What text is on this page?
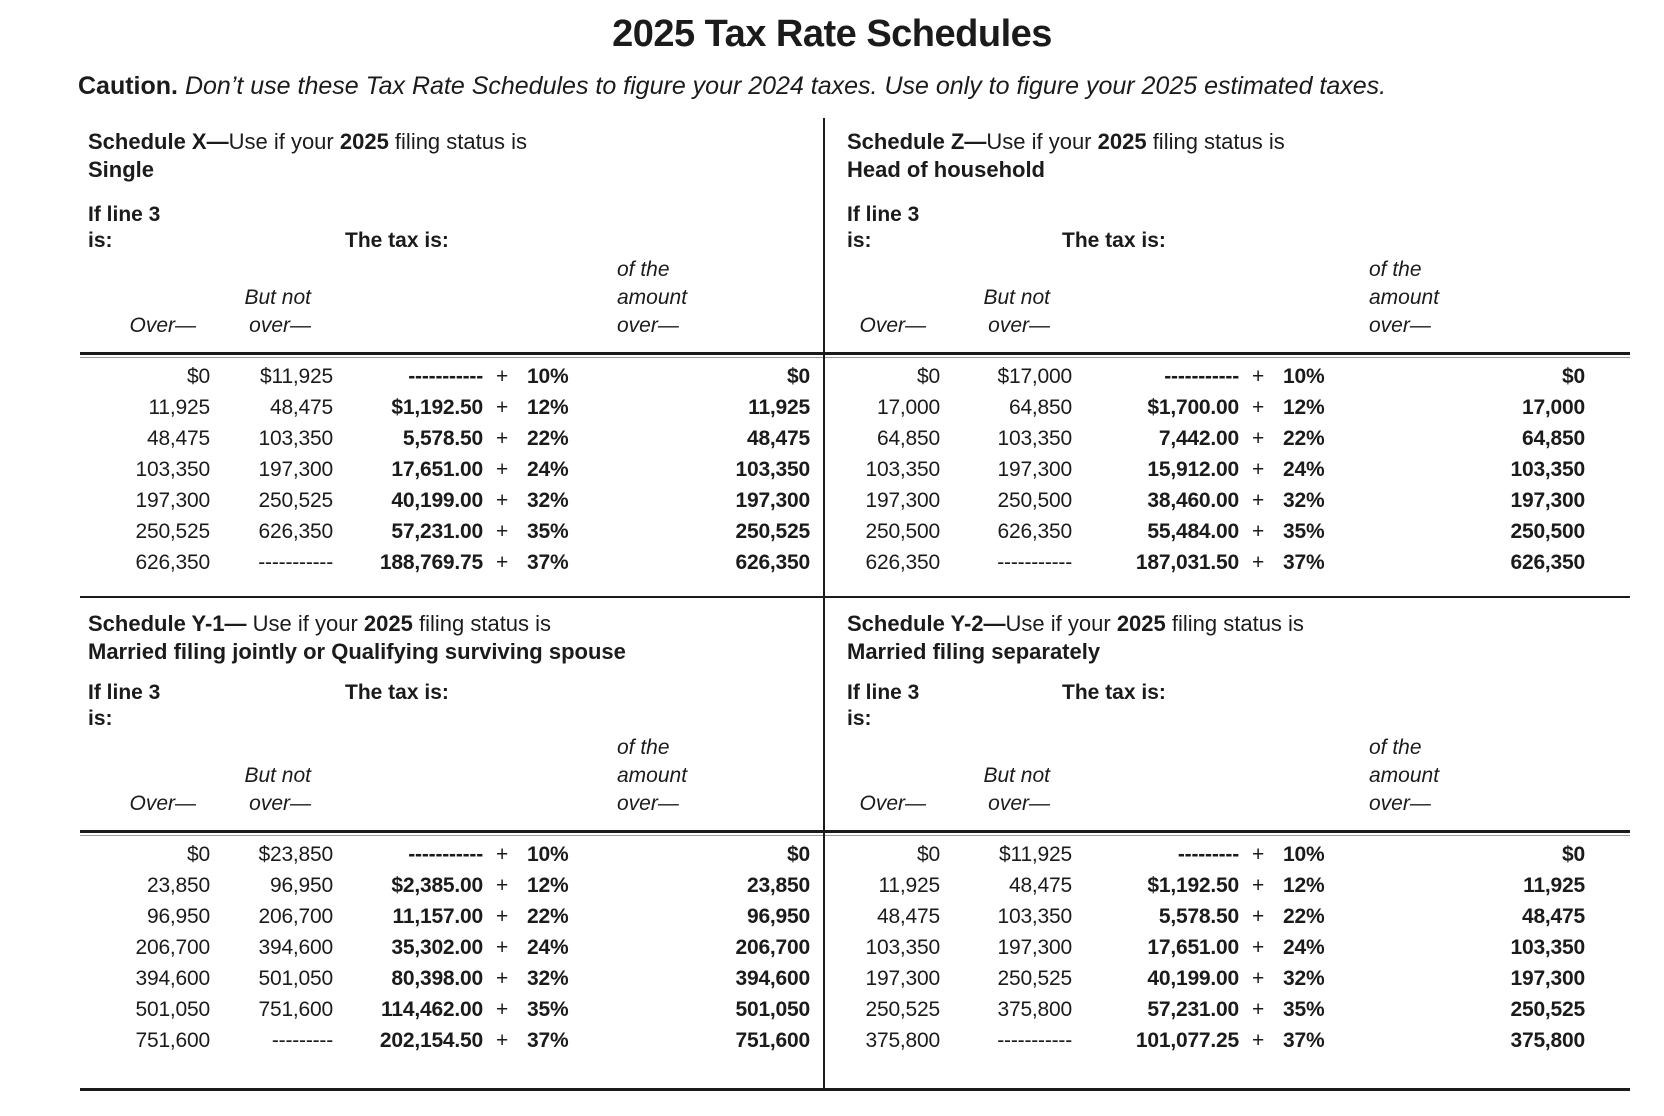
2025 Tax Rate Schedules

Caution. Don’t use these Tax Rate Schedules to figure your 2024 taxes. Use only to figure your 2025 estimated taxes.

Schedule X—Use if your 2025 filing status is
Single
If line 3
is:	The tax is:
Over—
But not
over—
of the
amount
over—
$0	$11,925	----------- + 10%	$0
11,925	48,475	$1,192.50 + 12%	11,925
48,475	103,350	5,578.50 + 22%	48,475
103,350	197,300	17,651.00 + 24%	103,350
197,300	250,525	40,199.00 + 32%	197,300
250,525	626,350	57,231.00 + 35%	250,525
626,350	-----------	188,769.75 + 37%	626,350
Schedule Z—Use if your 2025 filing status is
Head of household
If line 3
is:	The tax is:
Over—
But not
over—
of the
amount
over—
$0	$17,000	----------- + 10%	$0
17,000	64,850	$1,700.00 + 12%	17,000
64,850	103,350	7,442.00 + 22%	64,850
103,350	197,300	15,912.00 + 24%	103,350
197,300	250,500	38,460.00 + 32%	197,300
250,500	626,350	55,484.00 + 35%	250,500
626,350	-----------	187,031.50 + 37%	626,350
Schedule Y-1— Use if your 2025 filing status is
Married filing jointly or Qualifying surviving spouse
If line 3
is:
The tax is:
Over—
But not
over—
of the
amount
over—
$0	$23,850	----------- + 10%	$0
23,850	96,950	$2,385.00 + 12%	23,850
96,950	206,700	11,157.00 + 22%	96,950
206,700	394,600	35,302.00 + 24%	206,700
394,600	501,050	80,398.00 + 32%	394,600
501,050	751,600	114,462.00 + 35%	501,050
751,600	---------	202,154.50 + 37%	751,600
Schedule Y-2—Use if your 2025 filing status is
Married filing separately
If line 3
is:
The tax is:
Over—
But not
over—
of the
amount
over—
$0	$11,925	--------- + 10%	$0
11,925	48,475	$1,192.50 + 12%	11,925
48,475	103,350	5,578.50 + 22%	48,475
103,350	197,300	17,651.00 + 24%	103,350
197,300	250,525	40,199.00 + 32%	197,300
250,525	375,800	57,231.00 + 35%	250,525
375,800	-----------	101,077.25 + 37%	375,800
